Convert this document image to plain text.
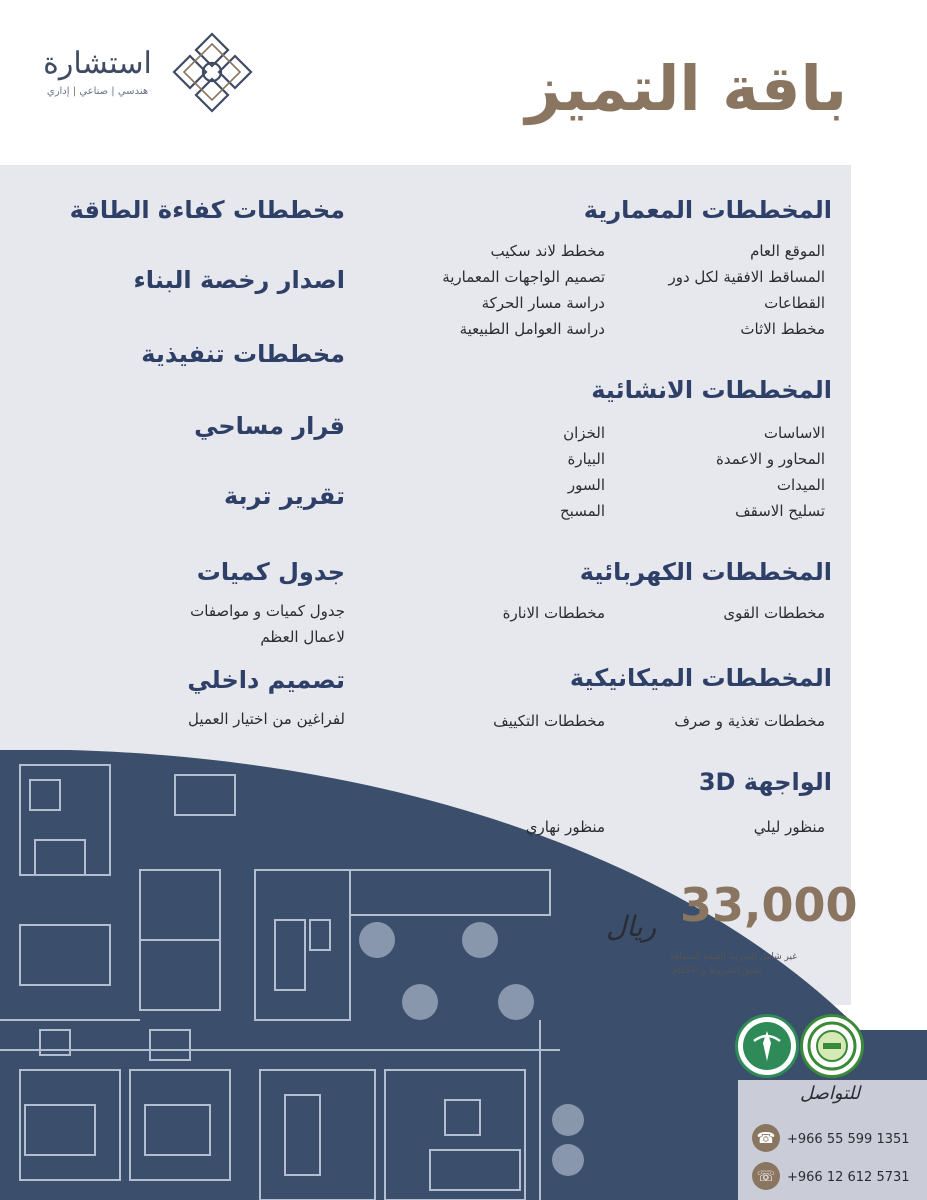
استشارة
هندسي | صناعي | إداري	باقة التميز
المخططات المعمارية
الموقع العام
المساقط الافقية لكل دور
القطاعات
مخطط الاثاث
مخطط لاند سكيب
تصميم الواجهات المعمارية
دراسة مسار الحركة
دراسة العوامل الطبيعية
المخططات الانشائية
الاساسات
المحاور و الاعمدة
الميدات
تسليح الاسقف
الخزان
البيارة
السور
المسبح
المخططات الكهربائية
مخططات القوى
مخططات الانارة
المخططات الميكانيكية
مخططات تغذية و صرف
مخططات التكييف
الواجهة 3D
منظور ليلي
منظور نهاري
مخططات كفاءة الطاقة
اصدار رخصة البناء
مخططات تنفيذية
قرار مساحي
تقرير تربة
جدول كميات
جدول كميات و مواصفات
لاعمال العظم
تصميم داخلي
لفراغين من اختيار العميل
33,000
ريال
غير شامل للضريبة القيمة المضافة
تطبق الشروط و الاحكام
للتواصل
☎ +966 55 599 1351
☏ +966 12 612 5731
